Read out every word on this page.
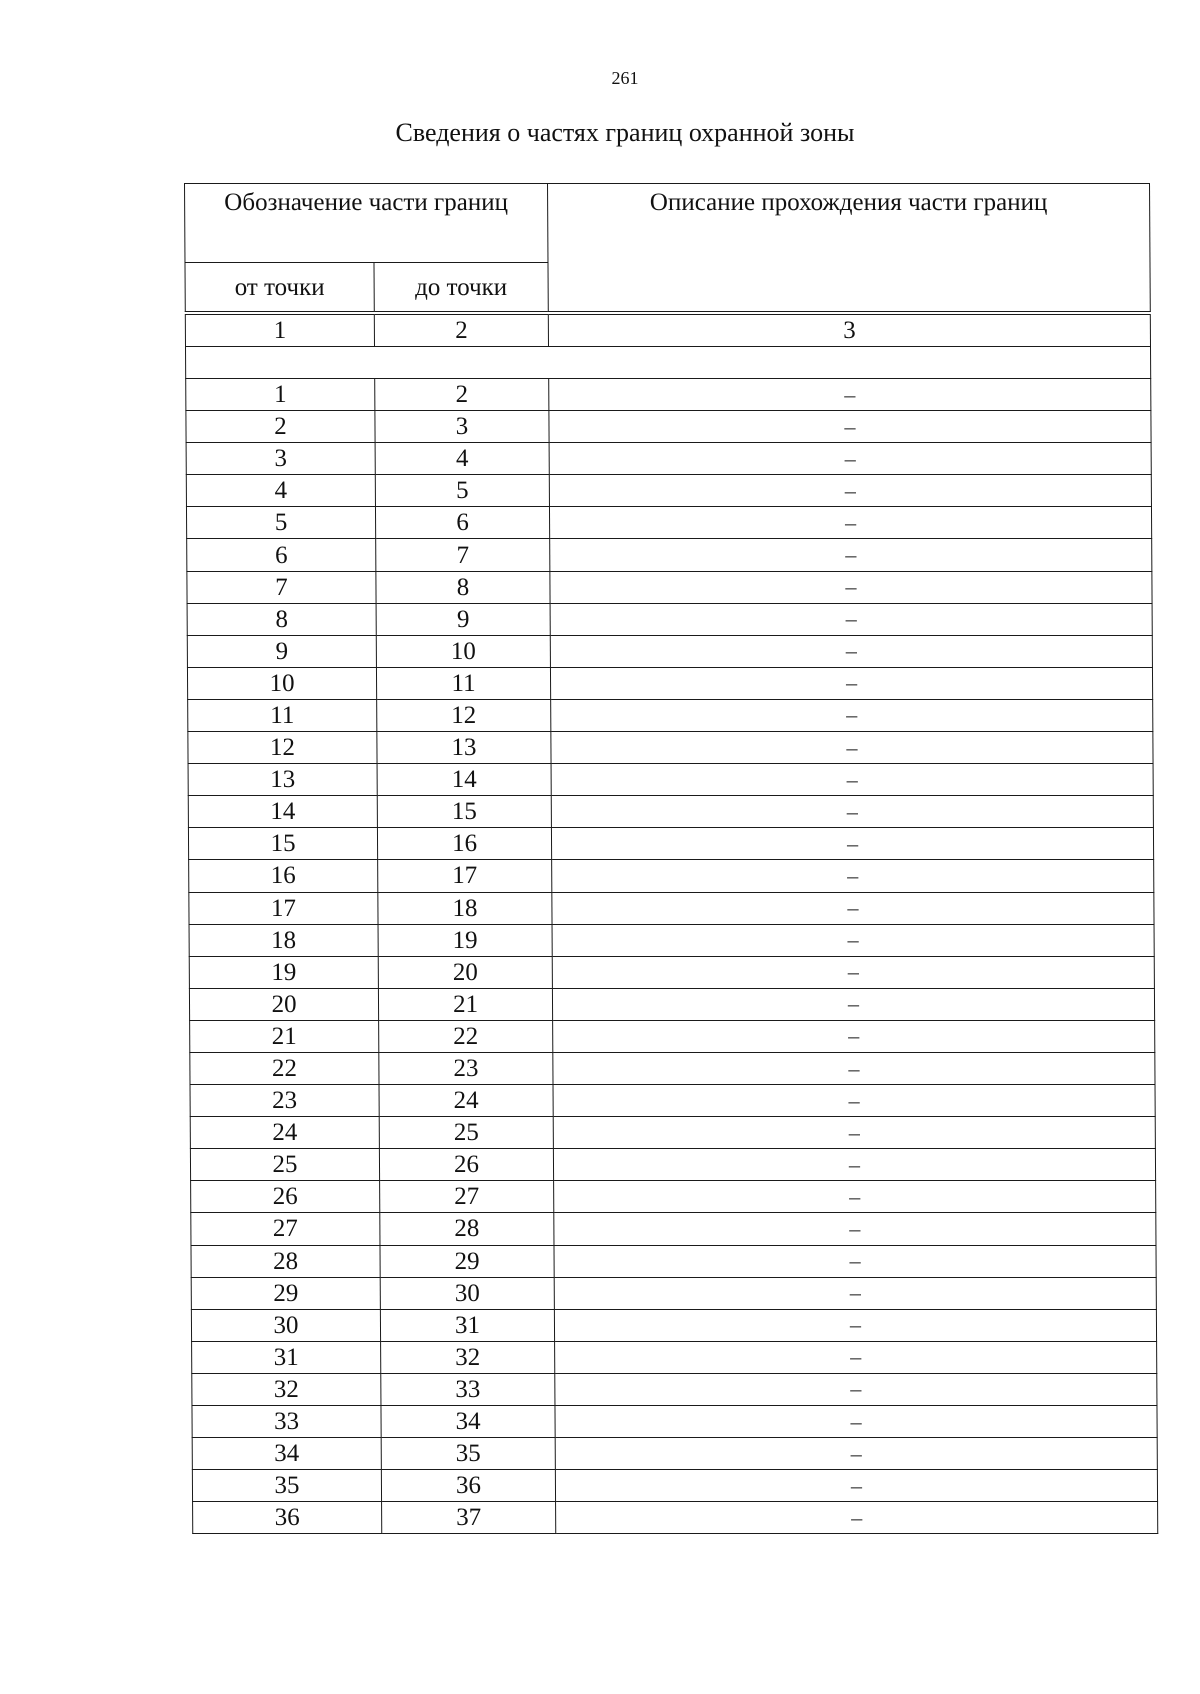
261
Сведения о частях границ охранной зоны
Обозначение части границ		Описание прохождения части границ
от точки	до точки	

1	2	3

1	2	–
2	3	–
3	4	–
4	5	–
5	6	–
6	7	–
7	8	–
8	9	–
9	10	–
10	11	–
11	12	–
12	13	–
13	14	–
14	15	–
15	16	–
16	17	–
17	18	–
18	19	–
19	20	–
20	21	–
21	22	–
22	23	–
23	24	–
24	25	–
25	26	–
26	27	–
27	28	–
28	29	–
29	30	–
30	31	–
31	32	–
32	33	–
33	34	–
34	35	–
35	36	–
36	37	–
